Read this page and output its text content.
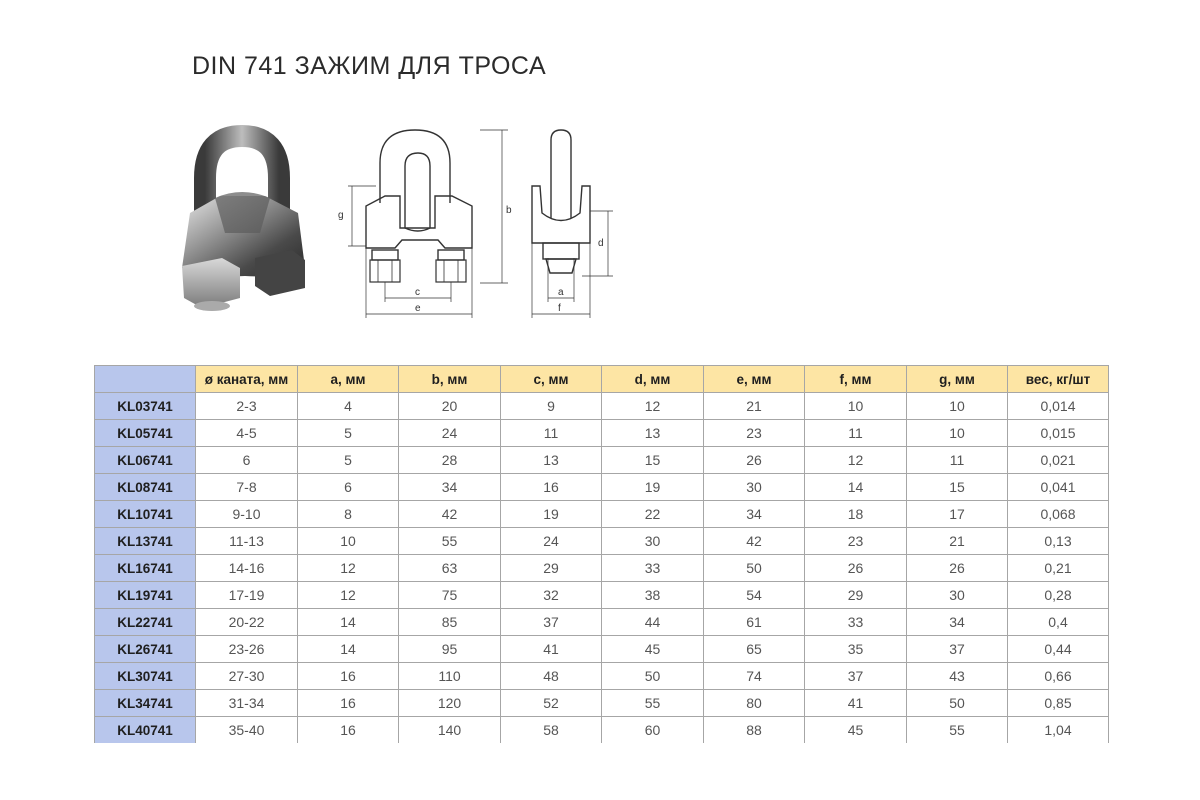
DIN 741 ЗАЖИМ ДЛЯ ТРОСА
b
g
c
e
d
a
f
	ø каната, мм	a, мм	b, мм	c, мм	d, мм	e, мм	f, мм	g, мм	вес, кг/шт
KL03741	2-3	4	20	9	12	21	10	10	0,014
KL05741	4-5	5	24	11	13	23	11	10	0,015
KL06741	6	5	28	13	15	26	12	11	0,021
KL08741	7-8	6	34	16	19	30	14	15	0,041
KL10741	9-10	8	42	19	22	34	18	17	0,068
KL13741	11-13	10	55	24	30	42	23	21	0,13
KL16741	14-16	12	63	29	33	50	26	26	0,21
KL19741	17-19	12	75	32	38	54	29	30	0,28
KL22741	20-22	14	85	37	44	61	33	34	0,4
KL26741	23-26	14	95	41	45	65	35	37	0,44
KL30741	27-30	16	110	48	50	74	37	43	0,66
KL34741	31-34	16	120	52	55	80	41	50	0,85
KL40741	35-40	16	140	58	60	88	45	55	1,04
